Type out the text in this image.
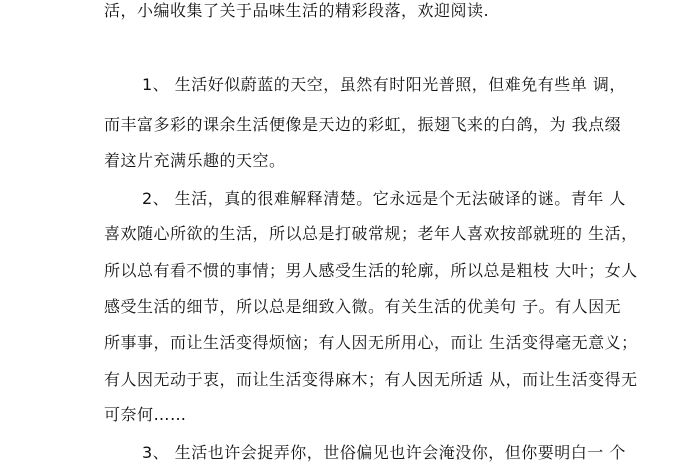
活，小编收集了关于品味生活的精彩段落，欢迎阅读.
1、 生活好似蔚蓝的天空，虽然有时阳光普照，但难免有些单 调，
而丰富多彩的课余生活便像是天边的彩虹，振翅飞来的白鸽，为 我点缀
着这片充满乐趣的天空。
2、 生活，真的很难解释清楚。它永远是个无法破译的谜。青年 人
喜欢随心所欲的生活，所以总是打破常规；老年人喜欢按部就班的 生活，
所以总有看不惯的事情；男人感受生活的轮廓，所以总是粗枝 大叶；女人
感受生活的细节，所以总是细致入微。有关生活的优美句 子。有人因无
所事事，而让生活变得烦恼；有人因无所用心，而让 生活变得毫无意义；
有人因无动于衷，而让生活变得麻木；有人因无所适 从，而让生活变得无
可奈何……
3、 生活也许会捉弄你，世俗偏见也许会淹没你，但你要明白一 个
